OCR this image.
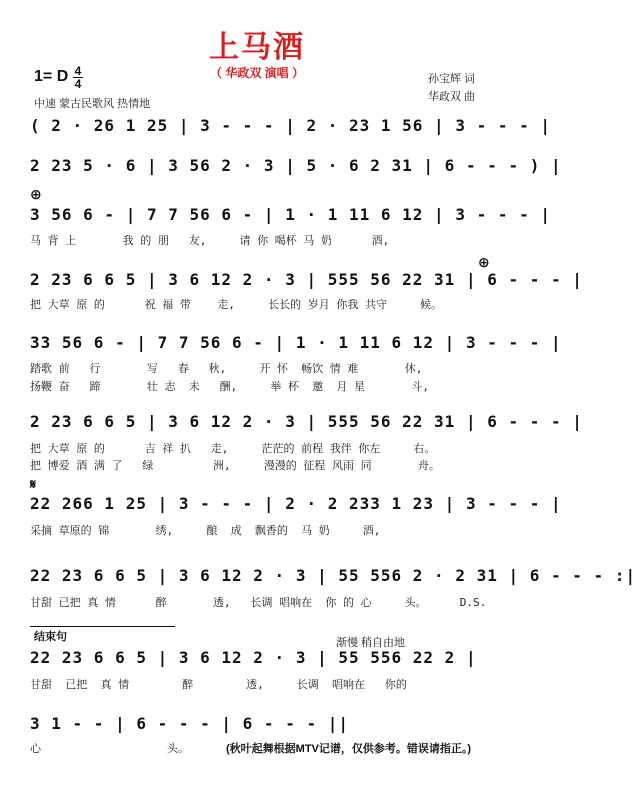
上马酒
（ 华政双 演唱 ）	孙宝辉 词
华政双 曲
1= D 4
4
中速 蒙古民歌风 热情地
( 2 · 26 1 25 | 3 - - - | 2 · 23 1 56 | 3 - - - |
2 23 5 · 6 | 3 56 2 · 3 | 5 · 6 2 31 | 6 - - - ) |
⊕
3 56 6 - | 7 7 56 6 - | 1 · 1 11 6 12 | 3 - - - |
马 背 上       我 的 朋   友,     请 你 喝杯 马 奶      酒,
⊕
2 23 6 6 5 | 3 6 12 2 · 3 | 555 56 22 31 | 6 - - - |
把 大草 原 的      祝 福 带    走,     长长的 岁月 你我 共守     候。
33 56 6 - | 7 7 56 6 - | 1 · 1 11 6 12 | 3 - - - |
踏歌 前   行       写   春   秋,     开 怀  畅饮 情 难       休,
扬鞭 奋   蹄       壮 志  未   酬,     举 杯  邀  月 星       斗,
2 23 6 6 5 | 3 6 12 2 · 3 | 555 56 22 31 | 6 - - - |
把 大草 原 的      吉 祥 扒   走,     茫茫的 前程 我伴 你左     右。
把 博爱 酒 满 了   绿         洲,     漫漫的 征程 风雨 同       舟。
𝄋
22 266 1 25 | 3 - - - | 2 · 2 233 1 23 | 3 - - - |
采摘 草原的 锦       绣,     酿  成  飘香的  马 奶     酒,
22 23 6 6 5 | 3 6 12 2 · 3 | 55 556 2 · 2 31 | 6 - - - :|
甘甜 已把 真 情      醉       透,   长调 唱响在  你 的 心     头。     D.S.
结束句	渐慢 稍自由地
22 23 6 6 5 | 3 6 12 2 · 3 | 55 556 22 2 |
甘甜  已把  真 情        醉        透,     长调  唱响在   你的
3 1 - - | 6 - - - | 6 - - - ||
心                   头。	(秋叶起舞根据MTV记谱，仅供参考。错误请指正。)
